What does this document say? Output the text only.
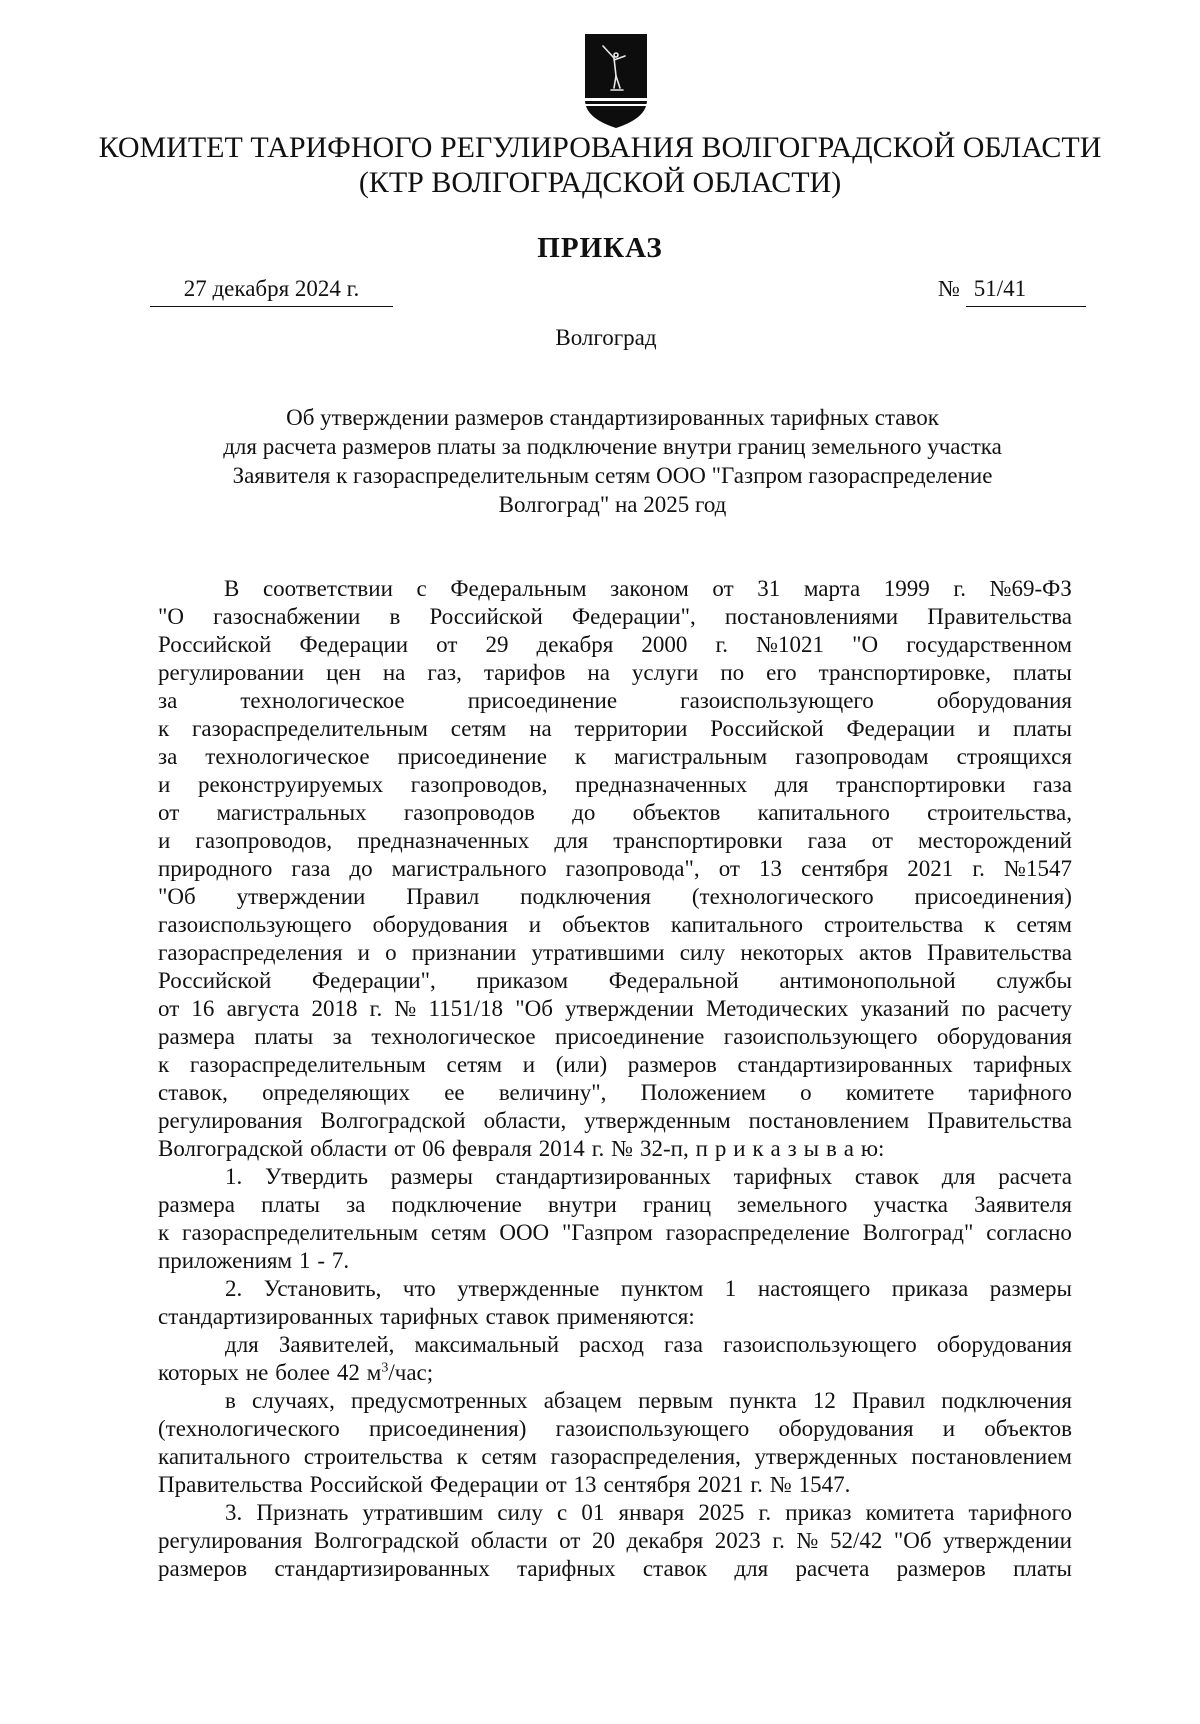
КОМИТЕТ ТАРИФНОГО РЕГУЛИРОВАНИЯ ВОЛГОГРАДСКОЙ ОБЛАСТИ
(КТР ВОЛГОГРАДСКОЙ ОБЛАСТИ)
ПРИКАЗ
27 декабря 2024 г.	№ 51/41
Волгоград
Об утверждении размеров стандартизированных тарифных ставок
для расчета размеров платы за подключение внутри границ земельного участка
Заявителя к газораспределительным сетям ООО "Газпром газораспределение
Волгоград" на 2025 год
В соответствии с Федеральным законом от 31 марта 1999 г. №69-ФЗ
"О газоснабжении в Российской Федерации", постановлениями Правительства
Российской Федерации от 29 декабря 2000 г. №1021 "О государственном
регулировании цен на газ, тарифов на услуги по его транспортировке, платы
за	технологическое	присоединение	газоиспользующего	оборудования
к газораспределительным сетям на территории Российской Федерации и платы
за технологическое присоединение к магистральным газопроводам строящихся
и реконструируемых газопроводов, предназначенных для транспортировки газа
от магистральных газопроводов до объектов капитального строительства,
и газопроводов, предназначенных для транспортировки газа от месторождений
природного газа до магистрального газопровода", от 13 сентября 2021 г. №1547
"Об утверждении Правил подключения (технологического присоединения)
газоиспользующего оборудования и объектов капитального строительства к сетям
газораспределения и о признании утратившими силу некоторых актов Правительства
Российской Федерации", приказом Федеральной антимонопольной службы
от 16 августа 2018 г. № 1151/18 "Об утверждении Методических указаний по расчету
размера платы за технологическое присоединение газоиспользующего оборудования
к газораспределительным сетям и (или) размеров стандартизированных тарифных
ставок, определяющих ее величину", Положением о комитете тарифного
регулирования Волгоградской области, утвержденным постановлением Правительства
Волгоградской области от 06 февраля 2014 г. № 32-п, п р и к а з ы в а ю:
1. Утвердить размеры стандартизированных тарифных ставок для расчета
размера платы за подключение внутри границ земельного участка Заявителя
к газораспределительным сетям ООО "Газпром газораспределение Волгоград" согласно
приложениям 1 - 7.
2. Установить, что утвержденные пунктом 1 настоящего приказа размеры
стандартизированных тарифных ставок применяются:
для Заявителей, максимальный расход газа газоиспользующего оборудования
которых не более 42 $м^3$/час;
в случаях, предусмотренных абзацем первым пункта 12 Правил подключения
(технологического присоединения) газоиспользующего оборудования и объектов
капитального строительства к сетям газораспределения, утвержденных постановлением
Правительства Российской Федерации от 13 сентября 2021 г. № 1547.
3. Признать утратившим силу с 01 января 2025 г. приказ комитета тарифного
регулирования Волгоградской области от 20 декабря 2023 г. № 52/42 "Об утверждении
размеров стандартизированных тарифных ставок для расчета размеров платы
